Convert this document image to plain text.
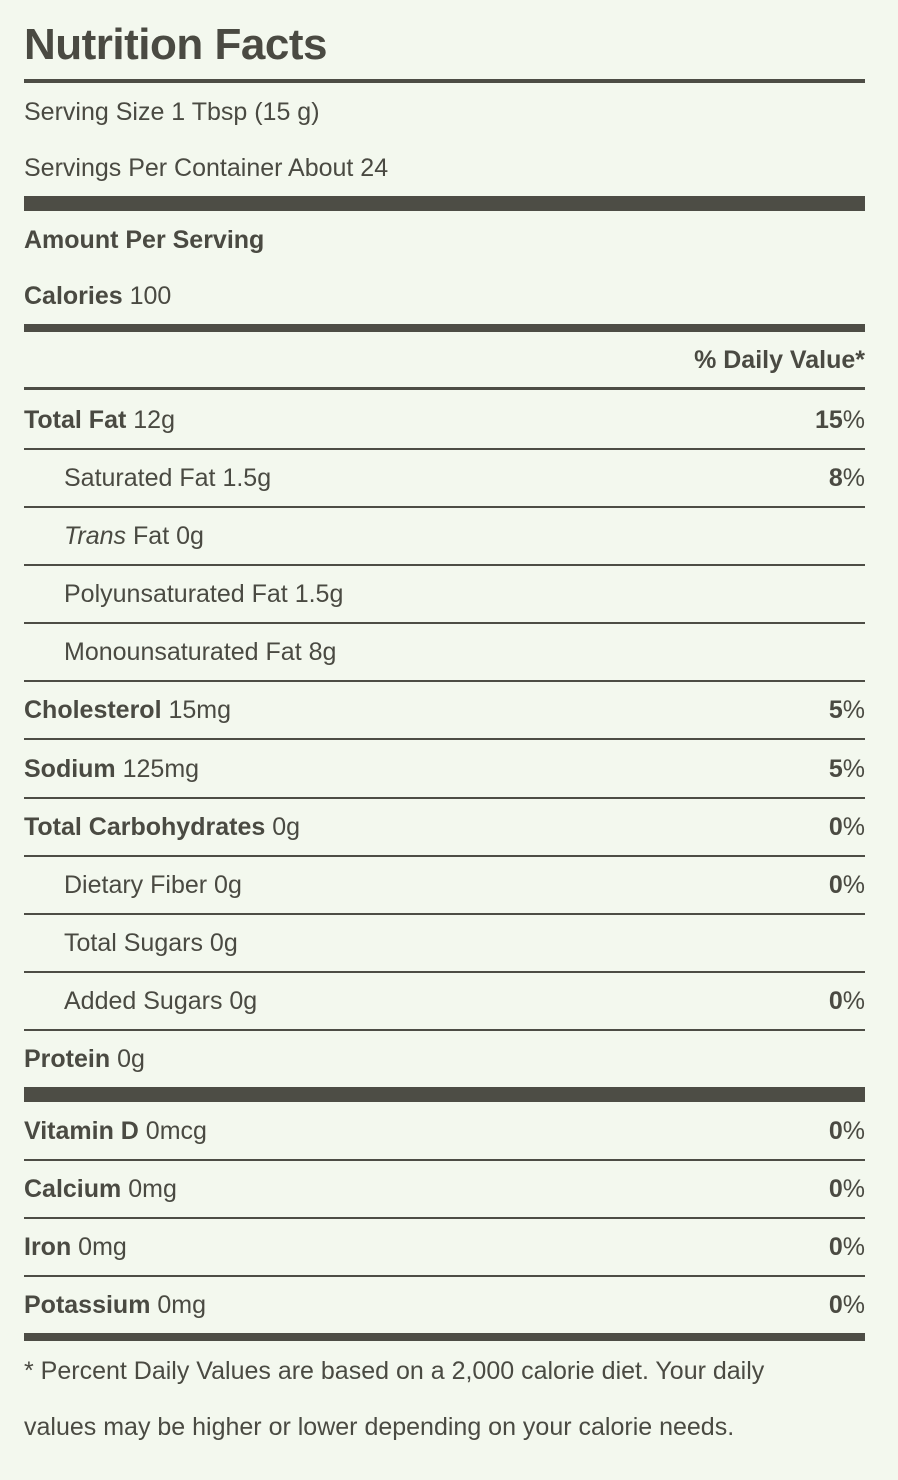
Nutrition Facts
Serving Size 1 Tbsp (15 g)
Servings Per Container About 24
Amount Per Serving
Calories 100
% Daily Value*
Total Fat 12g	15%
Saturated Fat 1.5g	8%
Trans Fat 0g
Polyunsaturated Fat 1.5g
Monounsaturated Fat 8g
Cholesterol 15mg	5%
Sodium 125mg	5%
Total Carbohydrates 0g	0%
Dietary Fiber 0g	0%
Total Sugars 0g
Added Sugars 0g	0%
Protein 0g
Vitamin D 0mcg	0%
Calcium 0mg	0%
Iron 0mg	0%
Potassium 0mg	0%
* Percent Daily Values are based on a 2,000 calorie diet. Your daily
values may be higher or lower depending on your calorie needs.
